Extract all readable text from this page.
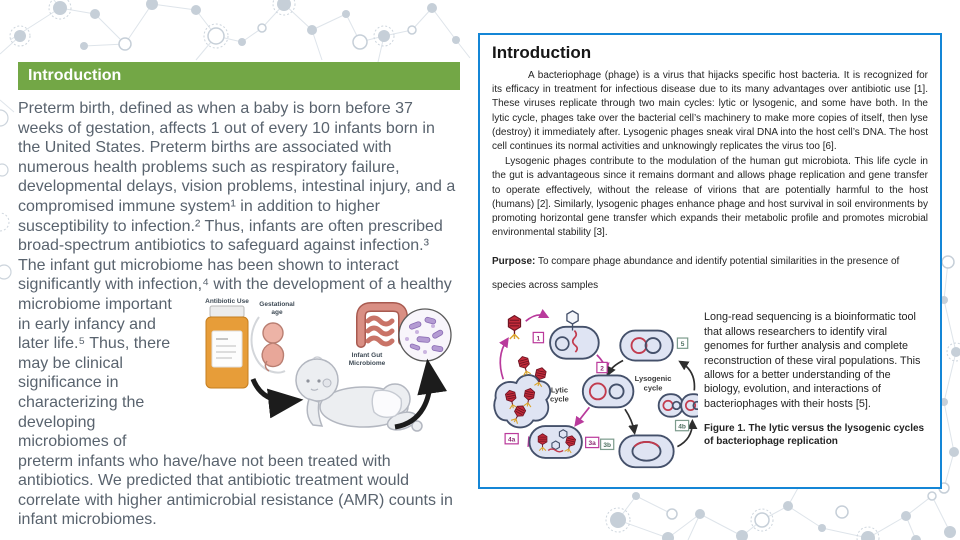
Introduction
Preterm birth, defined as when a baby is born before 37 weeks of gestation, affects 1 out of every 10 infants born in the United States. Preterm births are associated with numerous health problems such as respiratory failure, developmental delays, vision problems, intestinal injury, and a compromised immune system¹ in addition to higher susceptibility to infection.² Thus, infants are often prescribed broad-spectrum antibiotics to safeguard against infection.³ The infant gut microbiome has been shown to interact significantly with infection,⁴ with the development of a
Antibiotic Use Gestational
age
Infant Gut
Microbiome
healthy microbiome important in early infancy and later life.⁵ Thus, there may be clinical significance in characterizing the developing microbiomes of preterm infants who have/have not been treated with antibiotics. We predicted that antibiotic treatment would correlate with higher antimicrobial resistance (AMR) counts in infant microbiomes.
Introduction

A bacteriophage (phage) is a virus that hijacks specific host bacteria. It is recognized for its efficacy in treatment for infectious disease due to its many advantages over antibiotic use [1]. These viruses replicate through two main cycles: lytic or lysogenic, and some have both. In the lytic cycle, phages take over the bacterial cell’s machinery to make more copies of itself, then lyse (destroy) it immediately after. Lysogenic phages sneak viral DNA into the host cell’s DNA. The host cell continues its normal activities and unknowingly replicates the virus too [6].

Lysogenic phages contribute to the modulation of the human gut microbiota. This life cycle in the gut is advantageous since it remains dormant and allows phage replication and gene transfer to operate effectively, without the release of virions that are potentially harmful to the host (humans) [2]. Similarly, lysogenic phages enhance phage and host survival in soil environments by promoting horizontal gene transfer which expands their metabolic profile and promotes microbial environmental stability [3].

Purpose: To compare phage abundance and identify potential similarities in the presence of species across samples

Lytic
cycle
Lysogenic
cycle
1
2
3a
4a
3b
4b
5

Long-read sequencing is a bioinformatic tool that allows researchers to identify viral genomes for further analysis and complete reconstruction of these viral populations. This allows for a better understanding of the biology, evolution, and interactions of bacteriophages with their hosts [5].

Figure 1. The lytic versus the lysogenic cycles of bacteriophage replication
